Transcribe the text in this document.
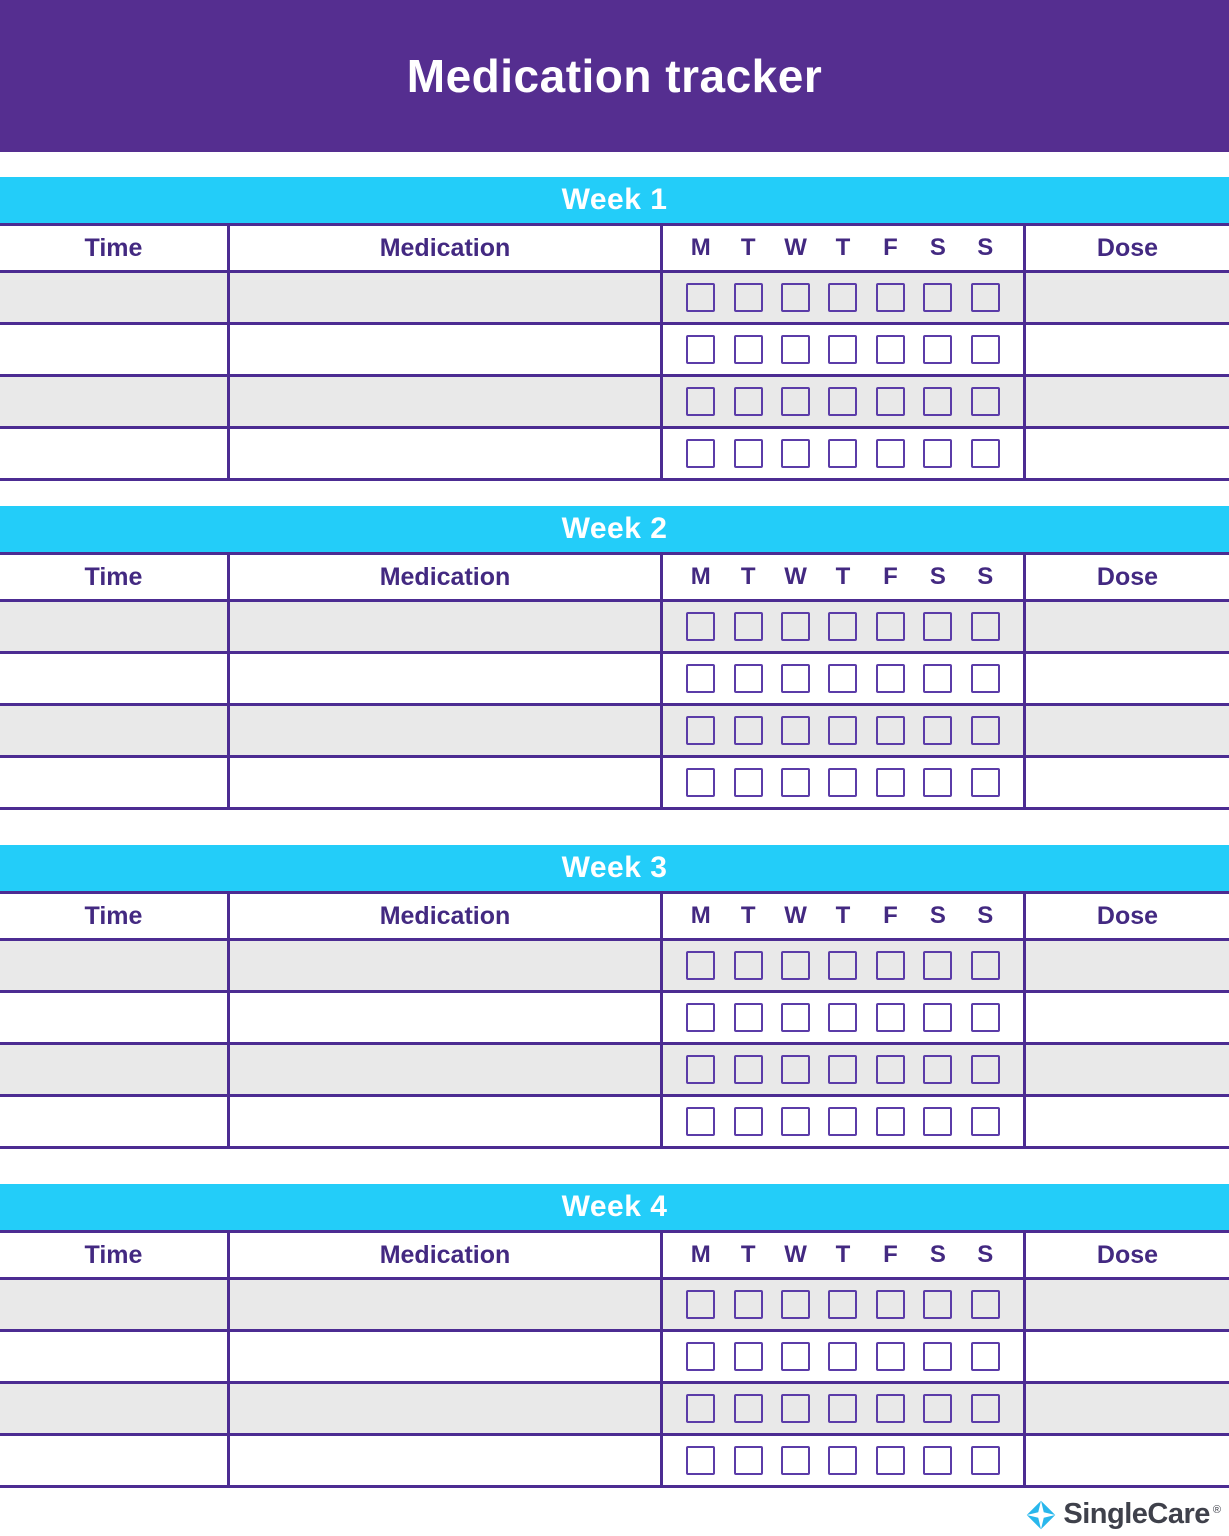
Medication tracker
Week 1
Time	Medication	M T W T F S S	Dose
Week 2
Time	Medication	M T W T F S S	Dose
Week 3
Time	Medication	M T W T F S S	Dose
Week 4
Time	Medication	M T W T F S S	Dose
SingleCare ®
